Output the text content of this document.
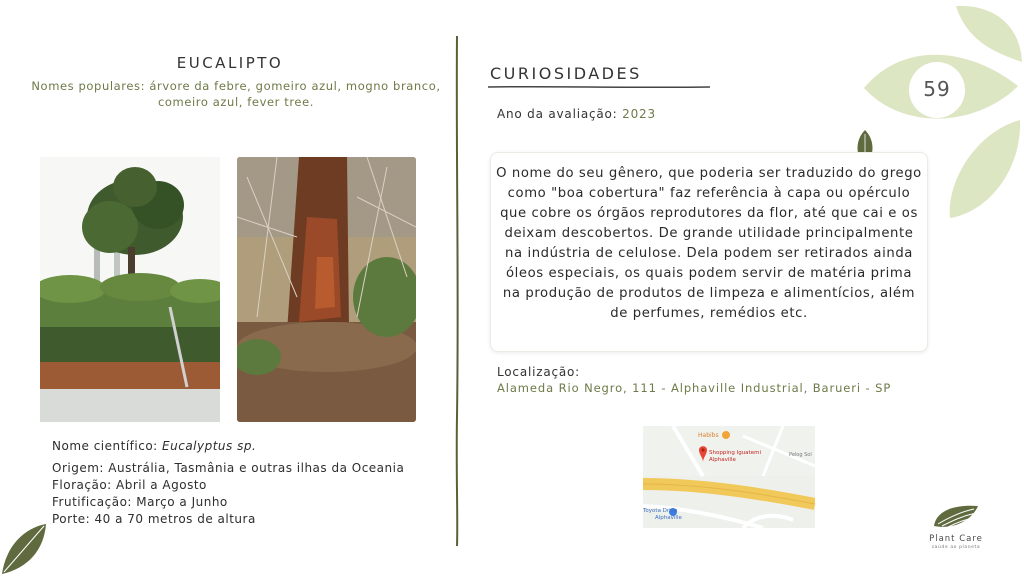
59
EUCALIPTO
Nomes populares: árvore da febre, gomeiro azul, mogno branco, comeiro azul, fever tree.
Nome científico: Eucalyptus sp.
Origem: Austrália, Tasmânia e outras ilhas da Oceania
Floração: Abril a Agosto
Frutificação: Março a Junho
Porte: 40 a 70 metros de altura
CURIOSIDADES
Ano da avaliação: 2023
O nome do seu gênero, que poderia ser traduzido do grego como "boa cobertura" faz referência à capa ou opérculo que cobre os órgãos reprodutores da flor, até que cai e os deixam descobertos. De grande utilidade principalmente na indústria de celulose. Dela podem ser retirados ainda óleos especiais, os quais podem servir de matéria prima na produção de produtos de limpeza e alimentícios, além de perfumes, remédios etc.
Localização:
Alameda Rio Negro, 111 - Alphaville Industrial, Barueri - SP
Habibs
Shopping Iguatemi
Alphaville
Pelog Sol
Toyota Drive
Alphaville
Plant Care
saúde ao planeta
